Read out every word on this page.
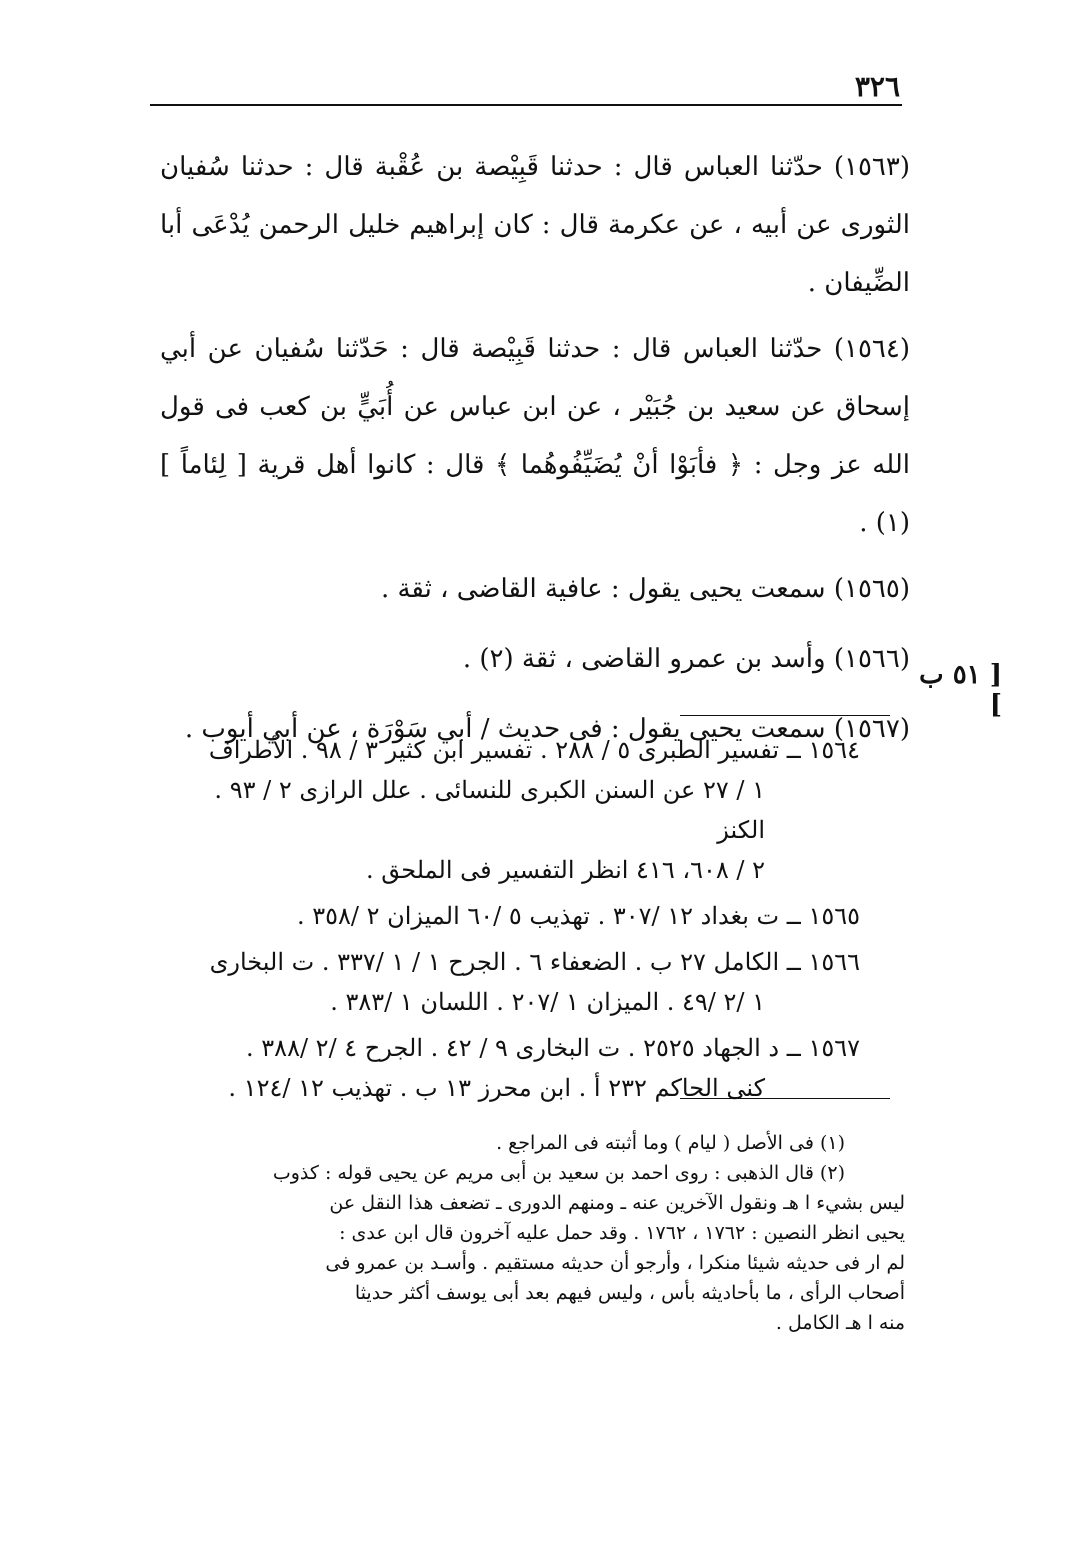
٣٢٦

(١٥٦٣) حدّثنا العباس قال : حدثنا قَبِيْصة بن عُقْبة قال : حدثنا سُفيان الثورى عن أبيه ، عن عكرمة قال : كان إبراهيم خليل الرحمن يُدْعَى أبا الضِّيفان .

(١٥٦٤) حدّثنا العباس قال : حدثنا قَبِيْصة قال : حَدّثنا سُفيان عن أبي إسحاق عن سعيد بن جُبَيْر ، عن ابن عباس عن أُبَيٍّ بن كعب فى قول الله عز وجل : ﴿ فأبَوْا أنْ يُضَيِّفُوهُما ﴾ قال : كانوا أهل قرية [ لِئاماً ] (١) .

(١٥٦٥) سمعت يحيى يقول : عافية القاضى ، ثقة .

(١٥٦٦) وأسد بن عمرو القاضى ، ثقة (٢) .

(١٥٦٧) سمعت يحيى يقول : فى حديث / أبي سَوْرَة ، عن أبي أيوب .

[ ٥١ ب ]
١٥٦٤ ــ تفسير الطبرى ٥ / ٢٨٨ . تفسير ابن كثير ٣ / ٩٨ . الأطراف
١ / ٢٧ عن السنن الكبرى للنسائى . علل الرازى ٢ / ٩٣ . الكنز
٢ / ٦٠٨، ٤١٦ انظر التفسير فى الملحق .
١٥٦٥ ــ ت بغداد ١٢ /٣٠٧ . تهذيب ٥ /٦٠ الميزان ٢ /٣٥٨ .
١٥٦٦ ــ الكامل ٢٧ ب . الضعفاء ٦ . الجرح ١ / ١ /٣٣٧ . ت البخارى
١ /٢ /٤٩ . الميزان ١ /٢٠٧ . اللسان ١ /٣٨٣ .
١٥٦٧ ــ د الجهاد ٢٥٢٥ . ت البخارى ٩ / ٤٢ . الجرح ٤ /٢ /٣٨٨ .
كنى الحاكم ٢٣٢ أ . ابن محرز ١٣ ب . تهذيب ١٢ /١٢٤ .
(١) فى الأصل ( ليام ) وما أثبته فى المراجع .
(٢) قال الذهبى : روى احمد بن سعيد بن أبى مريم عن يحيى قوله : كذوب
ليس بشيء ا هـ ونقول الآخرين عنه ـ ومنهم الدورى ـ تضعف هذا النقل عن
يحيى انظر النصين : ١٧٦٢ ، ١٧٦٢ . وقد حمل عليه آخرون قال ابن عدى :
لم ار فى حديثه شيئا منكرا ، وأرجو أن حديثه مستقيم . وأسـد بن عمرو فى
أصحاب الرأى ، ما بأحاديثه بأس ، وليس فيهم بعد أبى يوسف أكثر حديثا
منه ا هـ الكامل .
